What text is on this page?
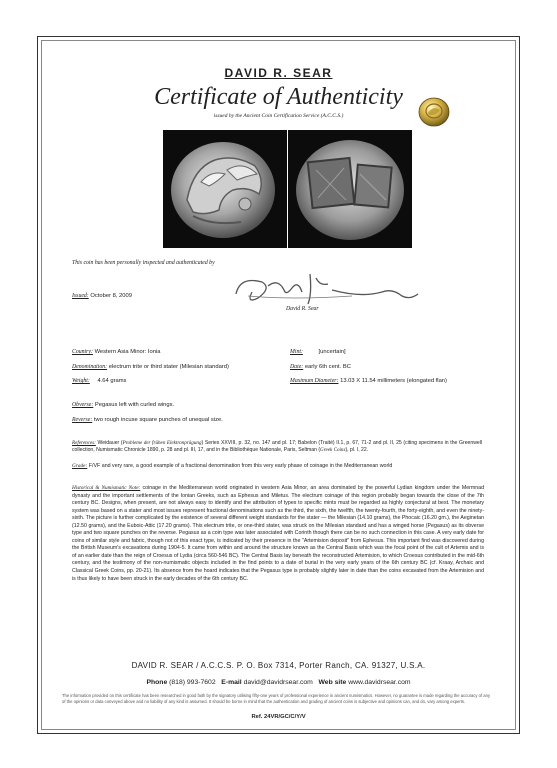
DAVID R. SEAR
Certificate of Authenticity
issued by the Ancient Coin Certification Service (A.C.C.S.)
This coin has been personally inspected and authenticated by
Issued: October 8, 2009
David R. Sear
Country: Western Asia Minor: Ionia	Mint:	[uncertain]
Denomination: electrum trite or third stater (Milesian standard)	Date: early 6th cent. BC
Weight: 4.64 grams	Maximum Diameter: 13.03 X 11.54 millimeters (elongated flan)
Obverse: Pegasus left with curled wings.
Reverse: two rough incuse square punches of unequal size.
References: Weidauer (Probleme der frühen Elektronprägung) Series XXVIII, p. 32, no. 147 and pl. 17; Babelon (Traité) II.1, p. 67, 71-2 and pl. II, 25 (citing specimens in the Greenwell collection, Numismatic Chronicle 1890, p. 28 and pl. III, 17, and in the Bibliothèque Nationale, Paris, Seltman (Greek Coins), pl. I, 22.
Grade: F/VF and very rare, a good example of a fractional denomination from this very early phase of coinage in the Mediterranean world
Historical & Numismatic Note: coinage in the Mediterranean world originated in western Asia Minor, an area dominated by the powerful Lydian kingdom under the Mermnad dynasty and the important settlements of the Ionian Greeks, such as Ephesus and Miletus. The electrum coinage of this region probably began towards the close of the 7th century BC. Designs, when present, are not always easy to identify and the attribution of types to specific mints must be regarded as highly conjectural at best. The monetary system was based on a stater and most issues represent fractional denominations such as the third, the sixth, the twelfth, the twenty-fourth, the forty-eighth, and even the ninety-sixth. The picture is further complicated by the existence of several different weight standards for the stater — the Milesian (14.10 grams), the Phocaic (16.20 gm.), the Aeginetan (12.50 grams), and the Euboic-Attic (17.20 grams). This electrum trite, or one-third stater, was struck on the Milesian standard and has a winged horse (Pegasus) as its obverse type and two square punches on the reverse. Pegasus as a coin type was later associated with Corinth though there can be no such connection in this case. A very early date for coins of similar style and fabric, though not of this exact type, is indicated by their presence in the "Artemision deposit" from Ephesus. This important find was discovered during the British Museum's excavations during 1904-5. It came from within and around the structure known as the Central Basis which was the focal point of the cult of Artemis and is of an earlier date than the reign of Croesus of Lydia (circa 560-546 BC). The Central Basis lay beneath the reconstructed Artemision, to which Croesus contributed in the mid-6th century, and the testimony of the non-numismatic objects included in the find points to a date of burial in the very early years of the 6th century BC (cf. Kraay, Archaic and Classical Greek Coins, pp. 20-21). Its absence from the hoard indicates that the Pegasus type is probably slightly later in date than the coins excavated from the Artemision and is thus likely to have been struck in the early decades of the 6th century BC.
DAVID R. SEAR / A.C.C.S. P. O. Box 7314, Porter Ranch, CA. 91327, U.S.A.
Phone (818) 993-7602 E-mail david@davidrsear.com Web site www.davidrsear.com
The information provided on this certificate has been researched in good faith by the signatory utilising fifty-one years of professional experience in ancient numismatics. However, no guarantee is made regarding the accuracy of any of the opinions or data conveyed above and no liability of any kind is assumed. It should be borne in mind that the authentication and grading of ancient coins is subjective and opinions can, and do, vary among experts.
Ref. 24VR/GC/C/Y/V
